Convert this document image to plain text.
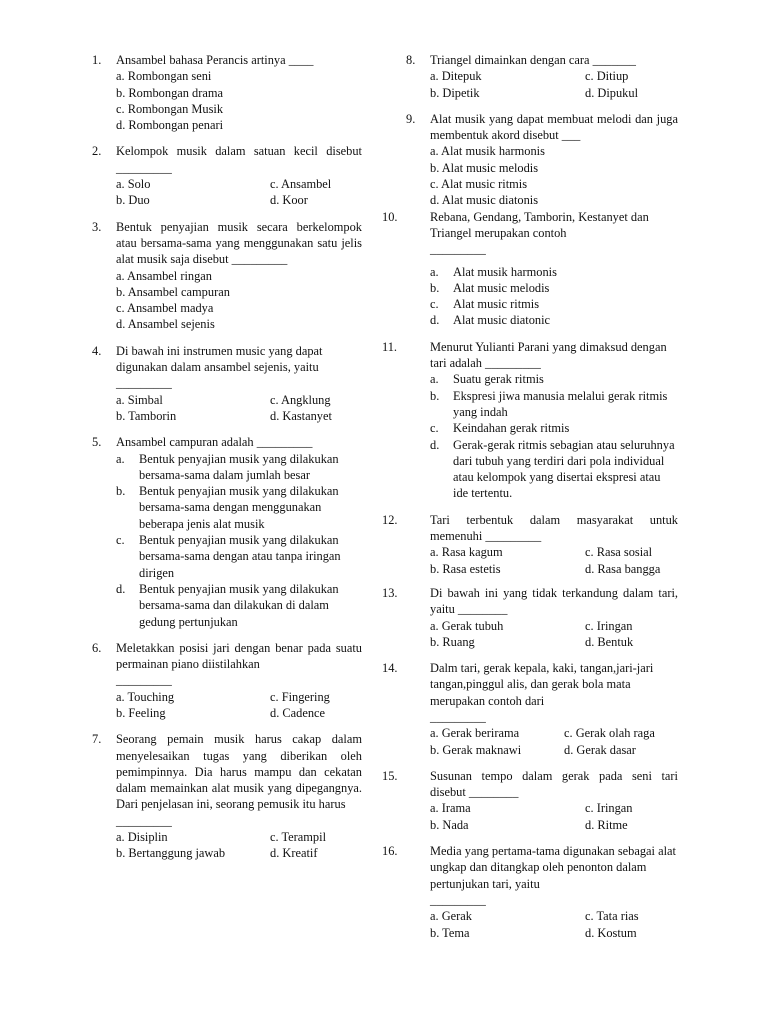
1. Ansambel bahasa Perancis artinya ____
a. Rombongan seni
b. Rombongan drama
c. Rombongan Musik
d. Rombongan penari
2. Kelompok musik dalam satuan kecil disebut _________
a. Solo	c. Ansambel
b. Duo	d. Koor
3. Bentuk penyajian musik secara berkelompok atau bersama-sama yang menggunakan satu jelis alat musik saja disebut _________
a. Ansambel ringan
b. Ansambel campuran
c. Ansambel madya
d. Ansambel sejenis
4. Di bawah ini instrumen music yang dapat digunakan dalam ansambel sejenis, yaitu _________
a. Simbal	c. Angklung
b. Tamborin	d. Kastanyet
5. Ansambel campuran adalah _________
a. Bentuk penyajian musik yang dilakukan bersama-sama dalam jumlah besar
b. Bentuk penyajian musik yang dilakukan bersama-sama dengan menggunakan beberapa jenis alat musik
c. Bentuk penyajian musik yang dilakukan bersama-sama dengan atau tanpa iringan dirigen
d. Bentuk penyajian musik yang dilakukan bersama-sama dan dilakukan di dalam gedung pertunjukan
6. Meletakkan posisi jari dengan benar pada suatu permainan piano diistilahkan
_________
a. Touching	c. Fingering
b. Feeling	d. Cadence
7. Seorang pemain musik harus cakap dalam menyelesaikan tugas yang diberikan oleh pemimpinnya. Dia harus mampu dan cekatan dalam memainkan alat musik yang dipegangnya. Dari penjelasan ini, seorang pemusik itu harus
_________
a. Disiplin	c. Terampil
b. Bertanggung jawab	d. Kreatif
8. Triangel dimainkan dengan cara _______
a. Ditepuk	c. Ditiup
b. Dipetik	d. Dipukul
9. Alat musik yang dapat membuat melodi dan juga membentuk akord disebut ___
a. Alat musik harmonis
b. Alat music melodis
c. Alat music ritmis
d. Alat music diatonis
10.	Rebana, Gendang, Tamborin, Kestanyet dan Triangel merupakan contoh
_________
a. Alat musik harmonis
b. Alat music melodis
c. Alat music ritmis
d. Alat music diatonic
11.	Menurut Yulianti Parani yang dimaksud dengan tari adalah _________
a. Suatu gerak ritmis
b. Ekspresi jiwa manusia melalui gerak ritmis yang indah
c. Keindahan gerak ritmis
d. Gerak-gerak ritmis sebagian atau seluruhnya dari tubuh yang terdiri dari pola individual atau kelompok yang disertai ekspresi atau ide tertentu.
12.	Tari terbentuk dalam masyarakat untuk memenuhi _________
a. Rasa kagum	c. Rasa sosial
b. Rasa estetis	d. Rasa bangga
13.	Di bawah ini yang tidak terkandung dalam tari, yaitu ________
a. Gerak tubuh	c. Iringan
b. Ruang	d. Bentuk
14.	Dalm tari, gerak kepala, kaki, tangan,jari-jari tangan,pinggul alis, dan gerak bola mata merupakan contoh dari
_________
a. Gerak berirama	c. Gerak olah raga
b. Gerak maknawi	d. Gerak dasar
15.	Susunan tempo dalam gerak pada seni tari disebut ________
a. Irama	c. Iringan
b. Nada	d. Ritme
16.	Media yang pertama-tama digunakan sebagai alat ungkap dan ditangkap oleh penonton dalam pertunjukan tari, yaitu
_________
a. Gerak	c. Tata rias
b. Tema	d. Kostum
